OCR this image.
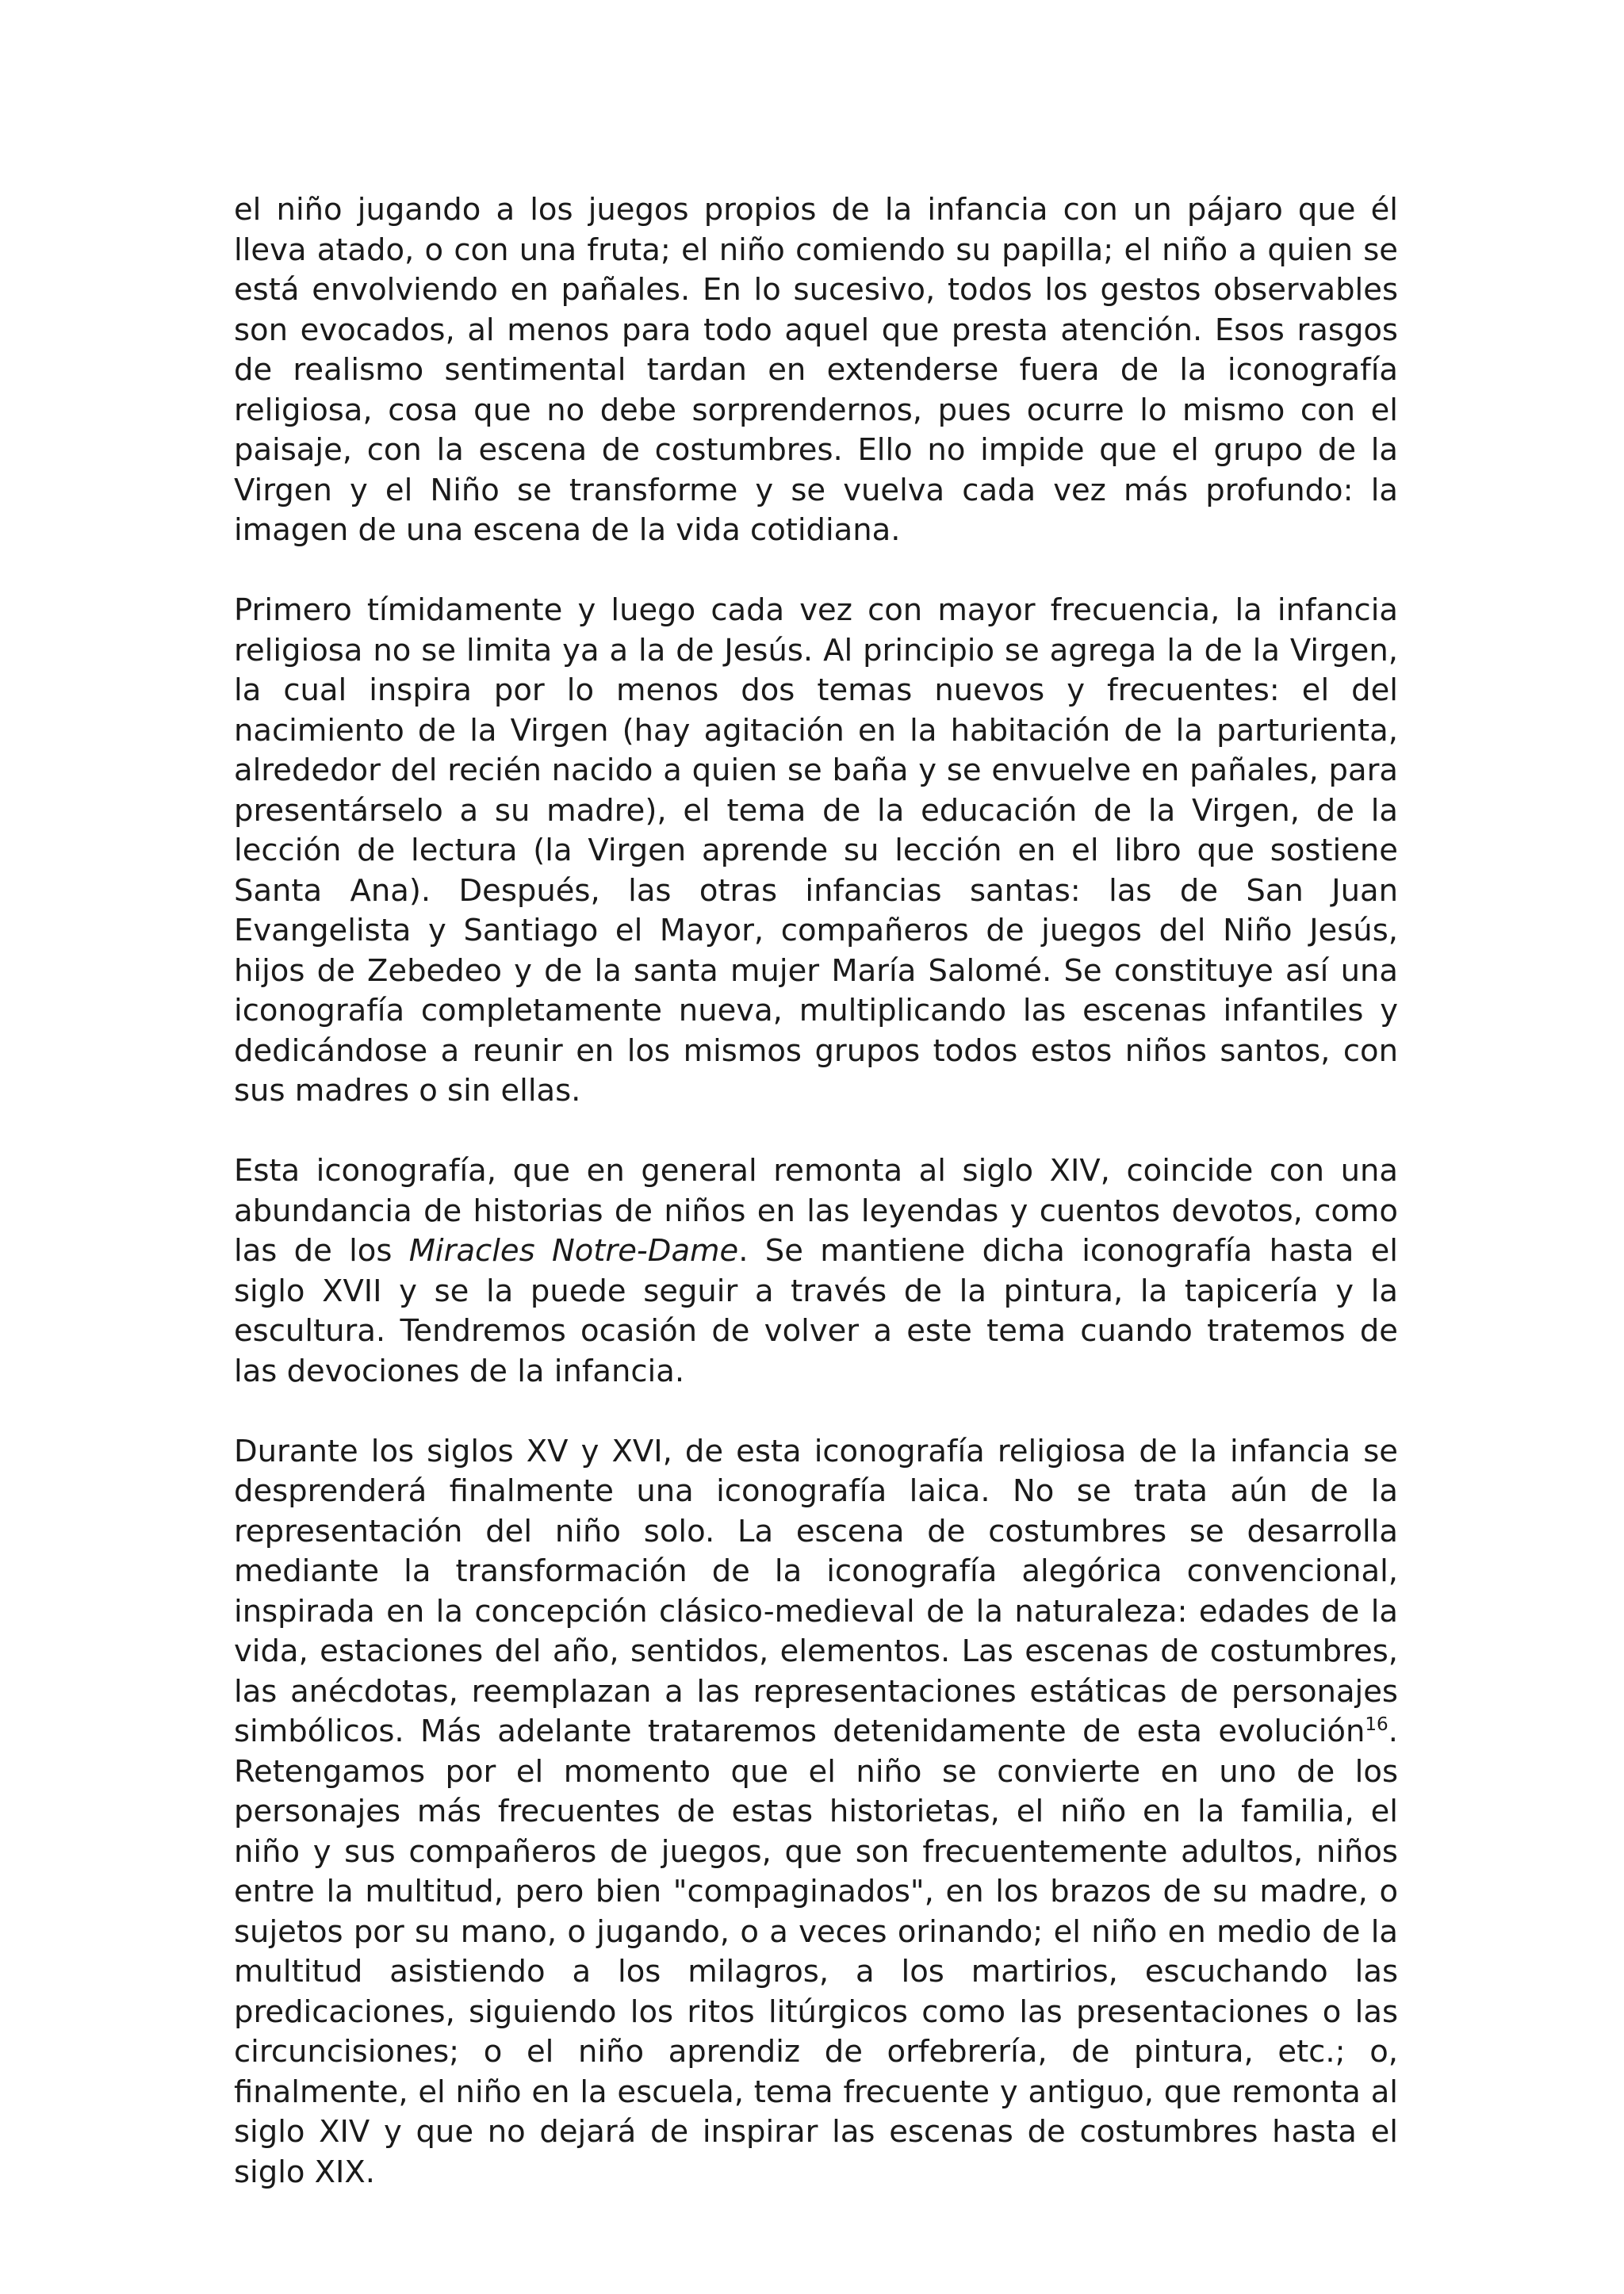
el niño jugando a los juegos propios de la infancia con un pájaro que él lleva atado, o con una fruta; el niño comiendo su papilla; el niño a quien se está envolviendo en pañales. En lo sucesivo, todos los gestos observables son evocados, al menos para todo aquel que presta atención. Esos rasgos de realismo sentimental tardan en extenderse fuera de la iconografía religiosa, cosa que no debe sorprendernos, pues ocurre lo mismo con el paisaje, con la escena de costumbres. Ello no impide que el grupo de la Virgen y el Niño se transforme y se vuelva cada vez más profundo: la imagen de una escena de la vida cotidiana.

Primero tímidamente y luego cada vez con mayor frecuencia, la infancia religiosa no se limita ya a la de Jesús. Al principio se agrega la de la Virgen, la cual inspira por lo menos dos temas nuevos y frecuentes: el del nacimiento de la Virgen (hay agitación en la habitación de la parturienta, alrededor del recién nacido a quien se baña y se envuelve en pañales, para presentárselo a su madre), el tema de la educación de la Virgen, de la lección de lectura (la Virgen aprende su lección en el libro que sostiene Santa Ana). Después, las otras infancias santas: las de San Juan Evangelista y Santiago el Mayor, compañeros de juegos del Niño Jesús, hijos de Zebedeo y de la santa mujer María Salomé. Se constituye así una iconografía completamente nueva, multiplicando las escenas infantiles y dedicándose a reunir en los mismos grupos todos estos niños santos, con sus madres o sin ellas.

Esta iconografía, que en general remonta al siglo XIV, coincide con una abundancia de historias de niños en las leyendas y cuentos devotos, como las de los Miracles Notre-Dame. Se mantiene dicha iconografía hasta el siglo XVII y se la puede seguir a través de la pintura, la tapicería y la escultura. Tendremos ocasión de volver a este tema cuando tratemos de las devociones de la infancia.

Durante los siglos XV y XVI, de esta iconografía religiosa de la infancia se desprenderá finalmente una iconografía laica. No se trata aún de la representación del niño solo. La escena de costumbres se desarrolla mediante la transformación de la iconografía alegórica convencional, inspirada en la concepción clásico-medieval de la naturaleza: edades de la vida, estaciones del año, sentidos, elementos. Las escenas de costumbres, las anécdotas, reemplazan a las representaciones estáticas de personajes simbólicos. Más adelante trataremos detenidamente de esta evolución$^{16}$. Retengamos por el momento que el niño se convierte en uno de los personajes más frecuentes de estas historietas, el niño en la familia, el niño y sus compañeros de juegos, que son frecuentemente adultos, niños entre la multitud, pero bien "compaginados", en los brazos de su madre, o sujetos por su mano, o jugando, o a veces orinando; el niño en medio de la multitud asistiendo a los milagros, a los martirios, escuchando las predicaciones, siguiendo los ritos litúrgicos como las presentaciones o las circuncisiones; o el niño aprendiz de orfebrería, de pintura, etc.; o, finalmente, el niño en la escuela, tema frecuente y antiguo, que remonta al siglo XIV y que no dejará de inspirar las escenas de costumbres hasta el siglo XIX.
